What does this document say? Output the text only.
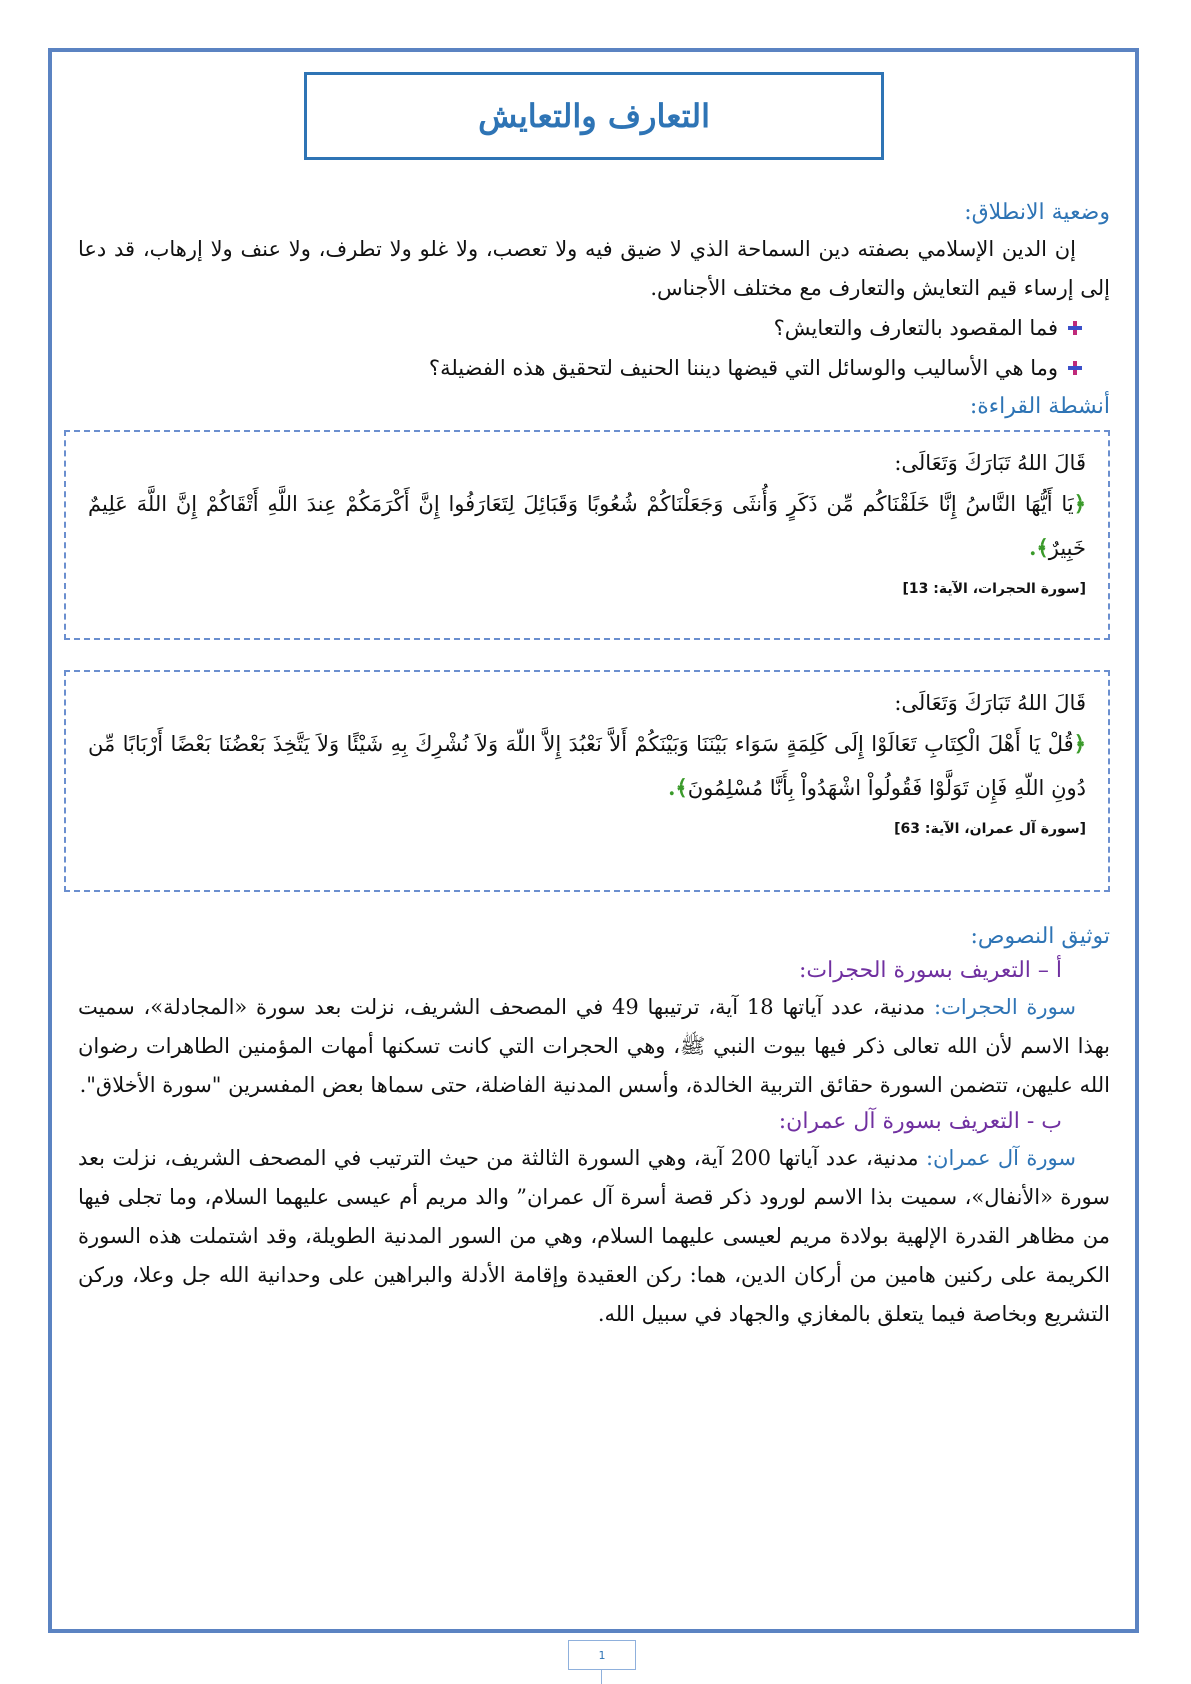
التعارف والتعايش

وضعية الانطلاق:

إن الدين الإسلامي بصفته دين السماحة الذي لا ضيق فيه ولا تعصب، ولا غلو ولا تطرف، ولا عنف ولا إرهاب، قد دعا إلى إرساء قيم التعايش والتعارف مع مختلف الأجناس.

فما المقصود بالتعارف والتعايش؟
وما هي الأساليب والوسائل التي قيضها ديننا الحنيف لتحقيق هذه الفضيلة؟

أنشطة القراءة:

قَالَ اللهُ تَبَارَكَ وَتَعَالَى:

﴿يَا أَيُّهَا النَّاسُ إِنَّا خَلَقْنَاكُم مِّن ذَكَرٍ وَأُنثَى وَجَعَلْنَاكُمْ شُعُوبًا وَقَبَائِلَ لِتَعَارَفُوا إِنَّ أَكْرَمَكُمْ عِندَ اللَّهِ أَتْقَاكُمْ إِنَّ اللَّهَ عَلِيمٌ خَبِيرٌ﴾.

[سورة الحجرات، الآية: 13]

قَالَ اللهُ تَبَارَكَ وَتَعَالَى:

﴿قُلْ يَا أَهْلَ الْكِتَابِ تَعَالَوْا إِلَى كَلِمَةٍ سَوَاء بَيْنَنَا وَبَيْنَكُمْ أَلاَّ نَعْبُدَ إِلاَّ اللّهَ وَلاَ نُشْرِكَ بِهِ شَيْئًا وَلاَ يَتَّخِذَ بَعْضُنَا بَعْضًا أَرْبَابًا مِّن دُونِ اللّهِ فَإِن تَوَلَّوْا فَقُولُواْ اشْهَدُواْ بِأَنَّا مُسْلِمُونَ﴾.

[سورة آل عمران، الآية: 63]

توثيق النصوص:

أ – التعريف بسورة الحجرات:

سورة الحجرات: مدنية، عدد آياتها 18 آية، ترتيبها 49 في المصحف الشريف، نزلت بعد سورة «المجادلة»، سميت بهذا الاسم لأن الله تعالى ذكر فيها بيوت النبي ﷺ، وهي الحجرات التي كانت تسكنها أمهات المؤمنين الطاهرات رضوان الله عليهن، تتضمن السورة حقائق التربية الخالدة، وأسس المدنية الفاضلة، حتى سماها بعض المفسرين "سورة الأخلاق".

ب - التعريف بسورة آل عمران:

سورة آل عمران: مدنية، عدد آياتها 200 آية، وهي السورة الثالثة من حيث الترتيب في المصحف الشريف، نزلت بعد سورة «الأنفال»، سميت بذا الاسم لورود ذكر قصة أسرة آل عمران” والد مريم أم عيسى عليهما السلام، وما تجلى فيها من مظاهر القدرة الإلهية بولادة مريم لعيسى عليهما السلام، وهي من السور المدنية الطويلة، وقد اشتملت هذه السورة الكريمة على ركنين هامين من أركان الدين، هما: ركن العقيدة وإقامة الأدلة والبراهين على وحدانية الله جل وعلا، وركن التشريع وبخاصة فيما يتعلق بالمغازي والجهاد في سبيل الله.

1
